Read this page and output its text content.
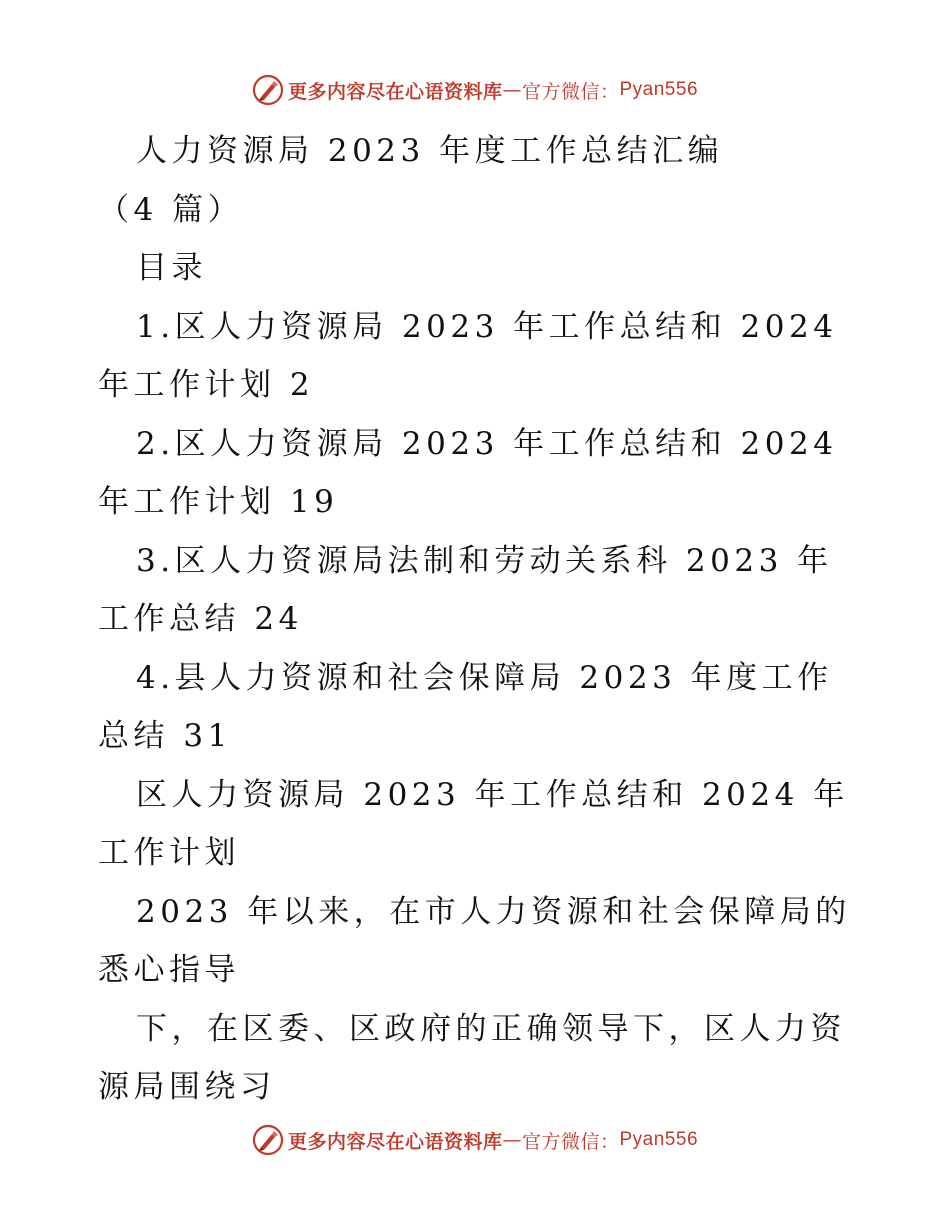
更多内容尽在心语资料库 — 官方微信： Pyan556

人力资源局 2023 年度工作总结汇编（4 篇）

目录

1.区人力资源局 2023 年工作总结和 2024 年工作计划 2

2.区人力资源局 2023 年工作总结和 2024 年工作计划 19

3.区人力资源局法制和劳动关系科 2023 年工作总结 24

4.县人力资源和社会保障局 2023 年度工作总结 31

区人力资源局 2023 年工作总结和 2024 年工作计划

2023 年以来，在市人力资源和社会保障局的悉心指导

下，在区委、区政府的正确领导下，区人力资源局围绕习

更多内容尽在心语资料库 — 官方微信： Pyan556
